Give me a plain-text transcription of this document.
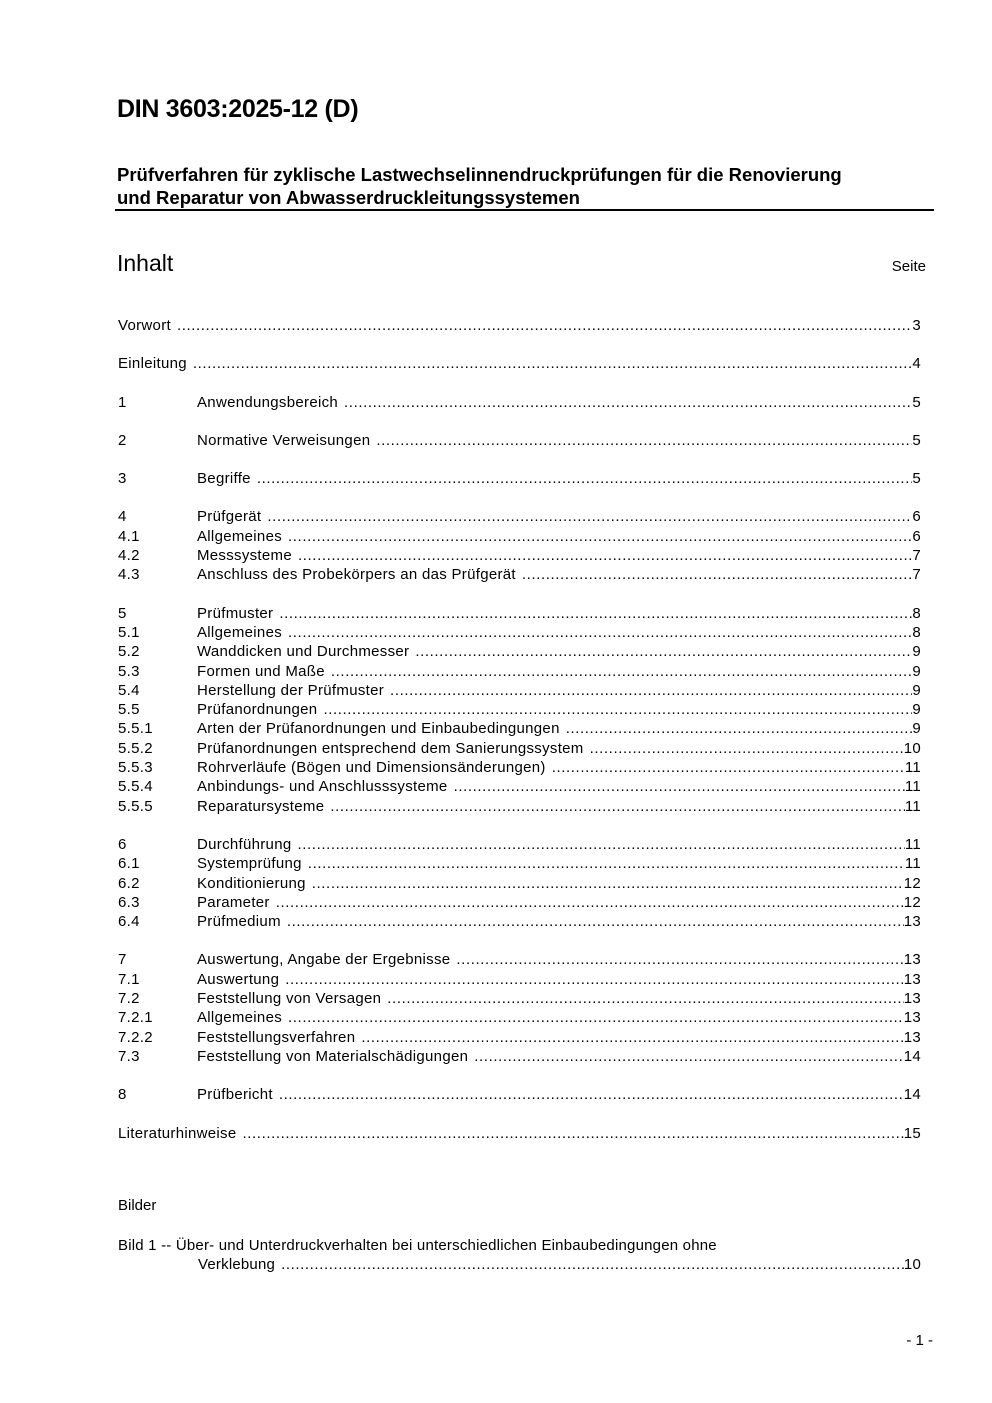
DIN 3603:2025-12 (D)
Prüfverfahren für zyklische Lastwechselinnendruckprüfungen für die Renovierung
und Reparatur von Abwasserdruckleitungssystemen
Inhalt	Seite
Vorwort .....	3
Einleitung .....	4
1	Anwendungsbereich .....	5
2	Normative Verweisungen .....	5
3	Begriffe .....	5
4	Prüfgerät .....	6
4.1	Allgemeines .....	6
4.2	Messsysteme .....	7
4.3	Anschluss des Probekörpers an das Prüfgerät .....	7
5	Prüfmuster .....	8
5.1	Allgemeines .....	8
5.2	Wanddicken und Durchmesser .....	9
5.3	Formen und Maße .....	9
5.4	Herstellung der Prüfmuster .....	9
5.5	Prüfanordnungen .....	9
5.5.1	Arten der Prüfanordnungen und Einbaubedingungen .....	9
5.5.2	Prüfanordnungen entsprechend dem Sanierungssystem .....	10
5.5.3	Rohrverläufe (Bögen und Dimensionsänderungen) .....	11
5.5.4	Anbindungs- und Anschlusssysteme .....	11
5.5.5	Reparatursysteme .....	11
6	Durchführung .....	11
6.1	Systemprüfung .....	11
6.2	Konditionierung .....	12
6.3	Parameter .....	12
6.4	Prüfmedium .....	13
7	Auswertung, Angabe der Ergebnisse .....	13
7.1	Auswertung .....	13
7.2	Feststellung von Versagen .....	13
7.2.1	Allgemeines .....	13
7.2.2	Feststellungsverfahren .....	13
7.3	Feststellung von Materialschädigungen .....	14
8	Prüfbericht .....	14
Literaturhinweise .....	15
Bilder
Bild 1 -- Über- und Unterdruckverhalten bei unterschiedlichen Einbaubedingungen ohne
Verklebung .....	10
- 1 -
